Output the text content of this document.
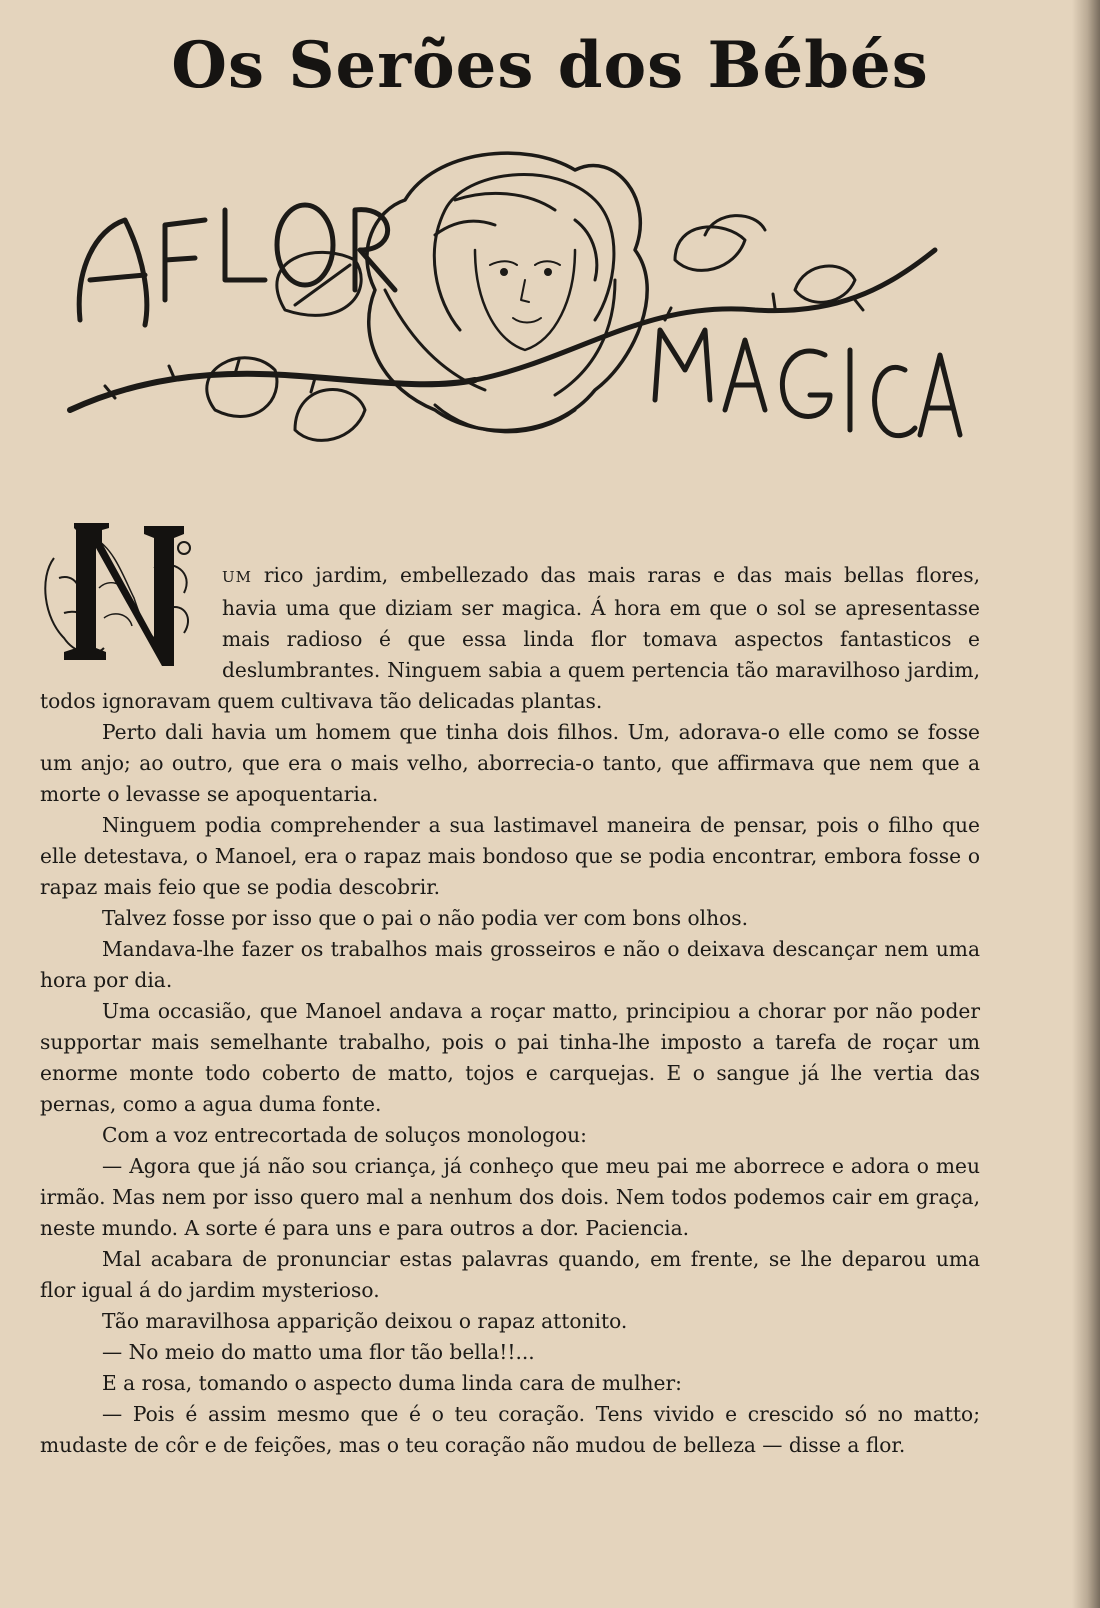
Os Serões dos Bébés
A FLOR
N

UM rico jardim, embellezado das mais raras e das mais bellas flores, havia uma que diziam ser magica. Á hora em que o sol se apresentasse mais radioso é que essa linda flor tomava aspectos fantasticos e deslumbrantes. Ninguem sabia a quem pertencia tão maravilhoso jardim, todos ignoravam quem cultivava tão delicadas plantas.

Perto dali havia um homem que tinha dois filhos. Um, adorava-o elle como se fosse um anjo; ao outro, que era o mais velho, aborrecia-o tanto, que affirmava que nem que a morte o levasse se apoquentaria.

Ninguem podia comprehender a sua lastimavel maneira de pensar, pois o filho que elle detestava, o Manoel, era o rapaz mais bondoso que se podia encontrar, embora fosse o rapaz mais feio que se podia descobrir.

Talvez fosse por isso que o pai o não podia ver com bons olhos.

Mandava-lhe fazer os trabalhos mais grosseiros e não o deixava descançar nem uma hora por dia.

Uma occasião, que Manoel andava a roçar matto, principiou a chorar por não poder supportar mais semelhante trabalho, pois o pai tinha-lhe imposto a tarefa de roçar um enorme monte todo coberto de matto, tojos e carquejas. E o sangue já lhe vertia das pernas, como a agua duma fonte.

Com a voz entrecortada de soluços monologou:

— Agora que já não sou criança, já conheço que meu pai me aborrece e adora o meu irmão. Mas nem por isso quero mal a nenhum dos dois. Nem todos podemos cair em graça, neste mundo. A sorte é para uns e para outros a dor. Paciencia.

Mal acabara de pronunciar estas palavras quando, em frente, se lhe deparou uma flor igual á do jardim mysterioso.

Tão maravilhosa apparição deixou o rapaz attonito.

— No meio do matto uma flor tão bella!!...

E a rosa, tomando o aspecto duma linda cara de mulher:

— Pois é assim mesmo que é o teu coração. Tens vivido e crescido só no matto; mudaste de côr e de feições, mas o teu coração não mudou de belleza — disse a flor.
